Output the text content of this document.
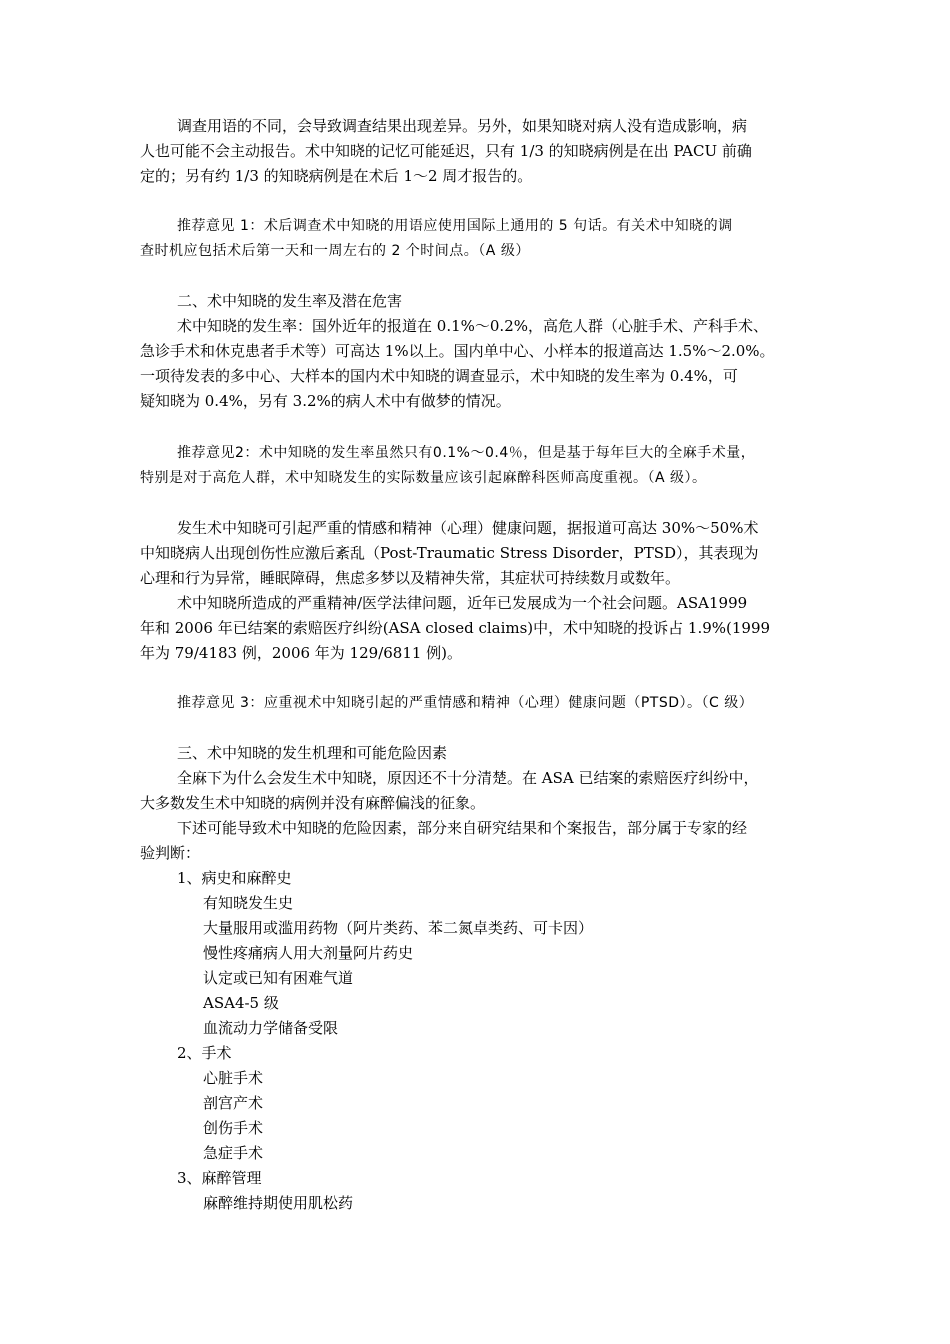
调查用语的不同，会导致调查结果出现差异。另外，如果知晓对病人没有造成影响，病
人也可能不会主动报告。术中知晓的记忆可能延迟，只有 1/3 的知晓病例是在出 PACU 前确
定的；另有约 1/3 的知晓病例是在术后 1～2 周才报告的。
推荐意见 1：术后调查术中知晓的用语应使用国际上通用的 5 句话。有关术中知晓的调
查时机应包括术后第一天和一周左右的 2 个时间点。（A 级）
二、术中知晓的发生率及潜在危害
术中知晓的发生率：国外近年的报道在 0.1%～0.2%，高危人群（心脏手术、产科手术、
急诊手术和休克患者手术等）可高达 1%以上。国内单中心、小样本的报道高达 1.5%～2.0%。
一项待发表的多中心、大样本的国内术中知晓的调查显示，术中知晓的发生率为 0.4%，可
疑知晓为 0.4%，另有 3.2%的病人术中有做梦的情况。
推荐意见2：术中知晓的发生率虽然只有0.1%～0.4％，但是基于每年巨大的全麻手术量，
特别是对于高危人群，术中知晓发生的实际数量应该引起麻醉科医师高度重视。（A 级）。
发生术中知晓可引起严重的情感和精神（心理）健康问题，据报道可高达 30%～50%术
中知晓病人出现创伤性应激后紊乱（Post-Traumatic Stress Disorder，PTSD），其表现为
心理和行为异常，睡眠障碍，焦虑多梦以及精神失常，其症状可持续数月或数年。
术中知晓所造成的严重精神/医学法律问题，近年已发展成为一个社会问题。ASA1999
年和 2006 年已结案的索赔医疗纠纷(ASA closed claims)中，术中知晓的投诉占 1.9%(1999
年为 79/4183 例，2006 年为 129/6811 例)。
推荐意见 3：应重视术中知晓引起的严重情感和精神（心理）健康问题（PTSD）。（C 级）
三、术中知晓的发生机理和可能危险因素
全麻下为什么会发生术中知晓，原因还不十分清楚。在 ASA 已结案的索赔医疗纠纷中，
大多数发生术中知晓的病例并没有麻醉偏浅的征象。
下述可能导致术中知晓的危险因素，部分来自研究结果和个案报告，部分属于专家的经
验判断：
1、病史和麻醉史
有知晓发生史
大量服用或滥用药物（阿片类药、苯二氮卓类药、可卡因）
慢性疼痛病人用大剂量阿片药史
认定或已知有困难气道
ASA4-5 级
血流动力学储备受限
2、手术
心脏手术
剖宫产术
创伤手术
急症手术
3、麻醉管理
麻醉维持期使用肌松药
